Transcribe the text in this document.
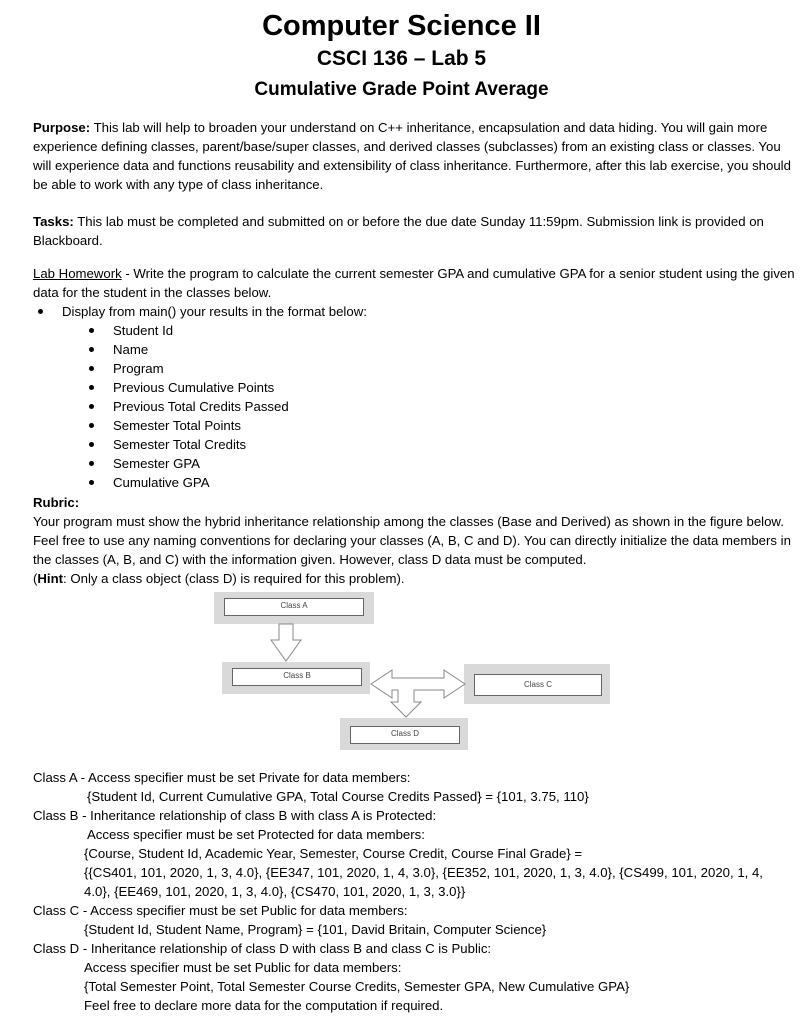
Computer Science II
CSCI 136 – Lab 5
Cumulative Grade Point Average
Purpose: This lab will help to broaden your understand on C++ inheritance, encapsulation and data hiding. You will gain more experience defining classes, parent/base/super classes, and derived classes (subclasses) from an existing class or classes. You will experience data and functions reusability and extensibility of class inheritance. Furthermore, after this lab exercise, you should be able to work with any type of class inheritance.
Tasks: This lab must be completed and submitted on or before the due date Sunday 11:59pm. Submission link is provided on Blackboard.
Lab Homework - Write the program to calculate the current semester GPA and cumulative GPA for a senior student using the given data for the student in the classes below.
Display from main() your results in the format below:
Student Id
Name
Program
Previous Cumulative Points
Previous Total Credits Passed
Semester Total Points
Semester Total Credits
Semester GPA
Cumulative GPA
Rubric:
Your program must show the hybrid inheritance relationship among the classes (Base and Derived) as shown in the figure below. Feel free to use any naming conventions for declaring your classes (A, B, C and D). You can directly initialize the data members in the classes (A, B, and C) with the information given. However, class D data must be computed.
(Hint: Only a class object (class D) is required for this problem).
Class A
Class B
Class C
Class D
Class A - Access specifier must be set Private for data members:
{Student Id, Current Cumulative GPA, Total Course Credits Passed} = {101, 3.75, 110}
Class B - Inheritance relationship of class B with class A is Protected:
Access specifier must be set Protected for data members:
{Course, Student Id, Academic Year, Semester, Course Credit, Course Final Grade} =
{{CS401, 101, 2020, 1, 3, 4.0}, {EE347, 101, 2020, 1, 4, 3.0}, {EE352, 101, 2020, 1, 3, 4.0}, {CS499, 101, 2020, 1, 4,
4.0}, {EE469, 101, 2020, 1, 3, 4.0}, {CS470, 101, 2020, 1, 3, 3.0}}
Class C - Access specifier must be set Public for data members:
{Student Id, Student Name, Program} = {101, David Britain, Computer Science}
Class D - Inheritance relationship of class D with class B and class C is Public:
Access specifier must be set Public for data members:
{Total Semester Point, Total Semester Course Credits, Semester GPA, New Cumulative GPA}
Feel free to declare more data for the computation if required.
